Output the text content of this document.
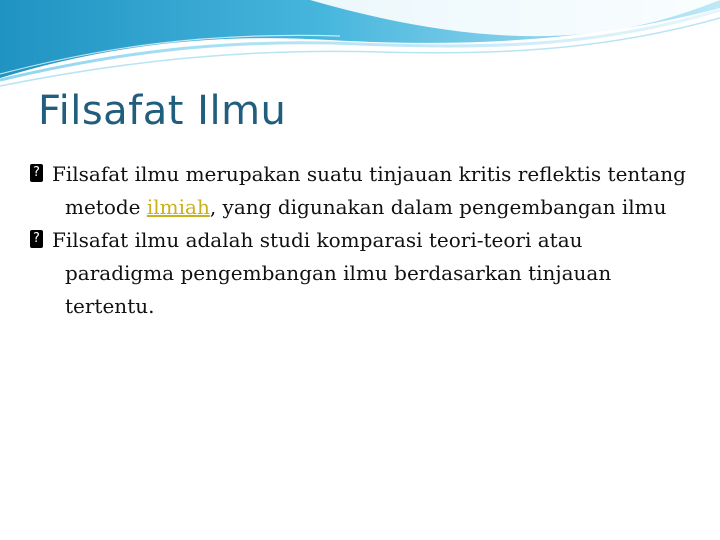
Filsafat Ilmu

? Filsafat ilmu merupakan suatu tinjauan kritis reflektis tentang metode ilmiah, yang digunakan dalam pengembangan ilmu

? Filsafat ilmu adalah studi komparasi teori-teori atau paradigma pengembangan ilmu berdasarkan tinjauan tertentu.
